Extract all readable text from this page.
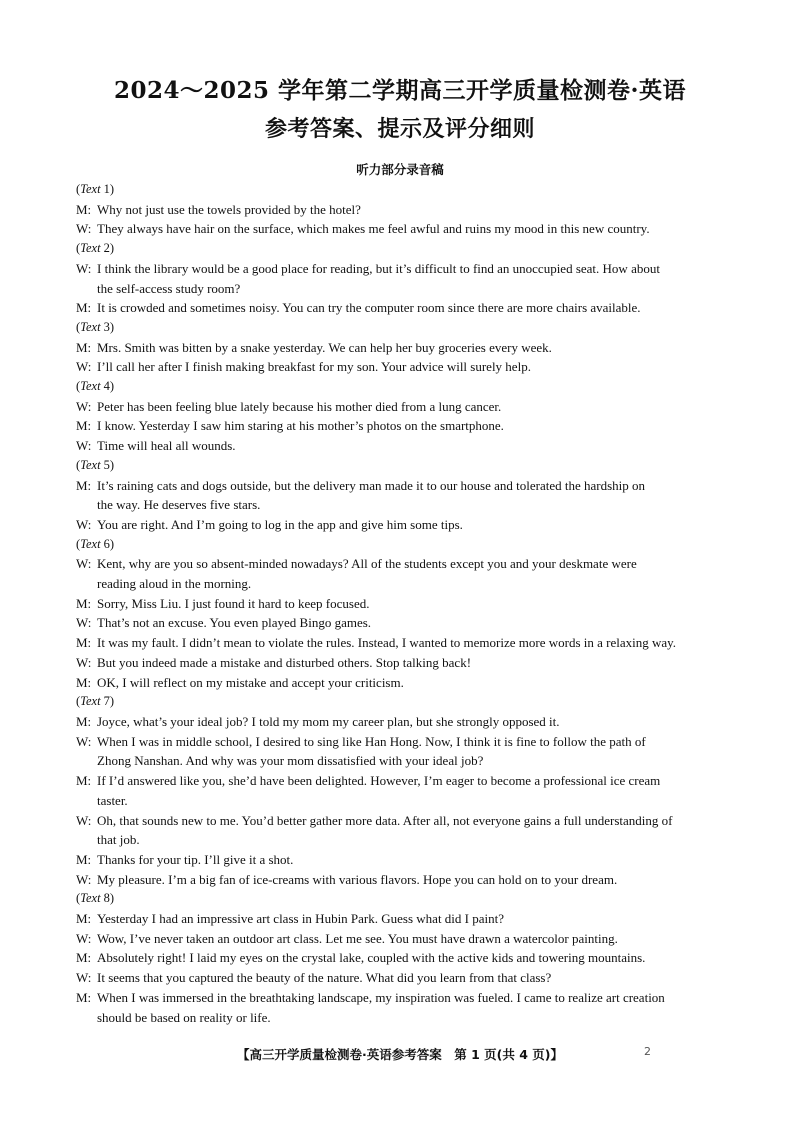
2024～2025 学年第二学期高三开学质量检测卷·英语
参考答案、提示及评分细则
听力部分录音稿
(Text 1)
M: Why not just use the towels provided by the hotel?
W: They always have hair on the surface, which makes me feel awful and ruins my mood in this new country.
(Text 2)
W: I think the library would be a good place for reading, but it’s difficult to find an unoccupied seat. How about
the self-access study room?
M: It is crowded and sometimes noisy. You can try the computer room since there are more chairs available.
(Text 3)
M: Mrs. Smith was bitten by a snake yesterday. We can help her buy groceries every week.
W: I’ll call her after I finish making breakfast for my son. Your advice will surely help.
(Text 4)
W: Peter has been feeling blue lately because his mother died from a lung cancer.
M: I know. Yesterday I saw him staring at his mother’s photos on the smartphone.
W: Time will heal all wounds.
(Text 5)
M: It’s raining cats and dogs outside, but the delivery man made it to our house and tolerated the hardship on
the way. He deserves five stars.
W: You are right. And I’m going to log in the app and give him some tips.
(Text 6)
W: Kent, why are you so absent-minded nowadays? All of the students except you and your deskmate were
reading aloud in the morning.
M: Sorry, Miss Liu. I just found it hard to keep focused.
W: That’s not an excuse. You even played Bingo games.
M: It was my fault. I didn’t mean to violate the rules. Instead, I wanted to memorize more words in a relaxing way.
W: But you indeed made a mistake and disturbed others. Stop talking back!
M: OK, I will reflect on my mistake and accept your criticism.
(Text 7)
M: Joyce, what’s your ideal job? I told my mom my career plan, but she strongly opposed it.
W: When I was in middle school, I desired to sing like Han Hong. Now, I think it is fine to follow the path of
Zhong Nanshan. And why was your mom dissatisfied with your ideal job?
M: If I’d answered like you, she’d have been delighted. However, I’m eager to become a professional ice cream
taster.
W: Oh, that sounds new to me. You’d better gather more data. After all, not everyone gains a full understanding of
that job.
M: Thanks for your tip. I’ll give it a shot.
W: My pleasure. I’m a big fan of ice-creams with various flavors. Hope you can hold on to your dream.
(Text 8)
M: Yesterday I had an impressive art class in Hubin Park. Guess what did I paint?
W: Wow, I’ve never taken an outdoor art class. Let me see. You must have drawn a watercolor painting.
M: Absolutely right! I laid my eyes on the crystal lake, coupled with the active kids and towering mountains.
W: It seems that you captured the beauty of the nature. What did you learn from that class?
M: When I was immersed in the breathtaking landscape, my inspiration was fueled. I came to realize art creation
should be based on reality or life.
【高三开学质量检测卷·英语参考答案　第 1 页(共 4 页)】	2
